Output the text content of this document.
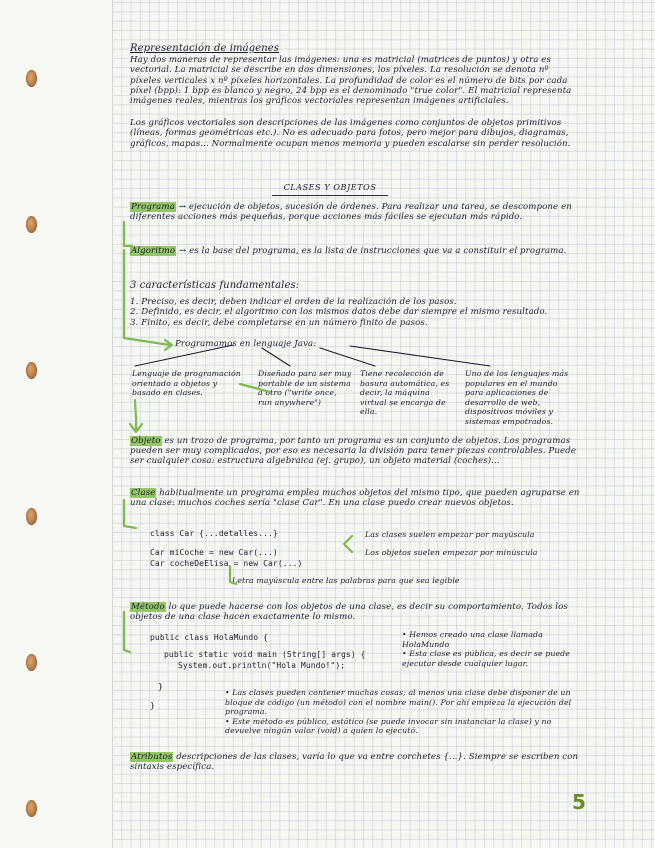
Representación de imágenes
Hay dos maneras de representar las imágenes: una es matricial (matrices de puntos) y otra es vectorial. La matricial se describe en dos dimensiones, los píxeles. La resolución se denota nº píxeles verticales x nº píxeles horizontales. La profundidad de color es el número de bits por cada píxel (bpp): 1 bpp es blanco y negro, 24 bpp es el denominado "true color". El matricial representa imágenes reales, mientras los gráficos vectoriales representan imágenes artificiales.
Los gráficos vectoriales son descripciones de las imágenes como conjuntos de objetos primitivos (líneas, formas geométricas etc.). No es adecuado para fotos, pero mejor para dibujos, diagramas, gráficos, mapas... Normalmente ocupan menos memoria y pueden escalarse sin perder resolución.
CLASES Y OBJETOS
Programa → ejecución de objetos, sucesión de órdenes. Para realizar una tarea, se descompone en diferentes acciones más pequeñas, porque acciones más fáciles se ejecutan más rápido.
Algoritmo → es la base del programa, es la lista de instrucciones que va a constituir el programa.
3 características fundamentales:
1. Preciso, es decir, deben indicar el orden de la realización de los pasos.
2. Definido, es decir, el algoritmo con los mismos datos debe dar siempre el mismo resultado.
3. Finito, es decir, debe completarse en un número finito de pasos.
Programamos en lenguaje Java:
Lenguaje de programación orientado a objetos y basado en clases.
Diseñado para ser muy portable de un sistema a otro ("write once, run anywhere")
Tiene recolección de basura automática, es decir, la máquina virtual se encarga de ella.
Uno de los lenguajes más populares en el mundo para aplicaciones de desarrollo de web, dispositivos móviles y sistemas empotrados.
Objeto es un trozo de programa, por tanto un programa es un conjunto de objetos. Los programas pueden ser muy complicados, por eso es necesaria la división para tener piezas controlables. Puede ser cualquier cosa: estructura algebraica (ej. grupo), un objeto material (coches)...
Clase habitualmente un programa emplea muchos objetos del mismo tipo, que pueden agruparse en una clase: muchos coches sería "clase Car". En una clase puedo crear nuevos objetos.
class Car {...detalles...}
Car miCoche = new Car(...)
Car cocheDeElisa = new Car(...)
Las clases suelen empezar por mayúscula
Los objetos suelen empezar por minúscula
Letra mayúscula entre las palabras para que sea legible
Método lo que puede hacerse con los objetos de una clase, es decir su comportamiento. Todos los objetos de una clase hacen exactamente lo mismo.
public class HolaMundo {
public static void main (String[] args) {
System.out.println("Hola Mundo!");
}
}
• Hemos creado una clase llamada HolaMundo
• Esta clase es pública, es decir se puede ejecutar desde cualquier lugar.
• Las clases pueden contener muchas cosas; al menos una clase debe disponer de un bloque de código (un método) con el nombre main(). Por ahí empieza la ejecución del programa.
• Este método es público, estático (se puede invocar sin instanciar la clase) y no devuelve ningún valor (void) a quien lo ejecutó.
Atributos descripciones de las clases, varía lo que va entre corchetes {...}. Siempre se escriben con sintaxis específica.
5
